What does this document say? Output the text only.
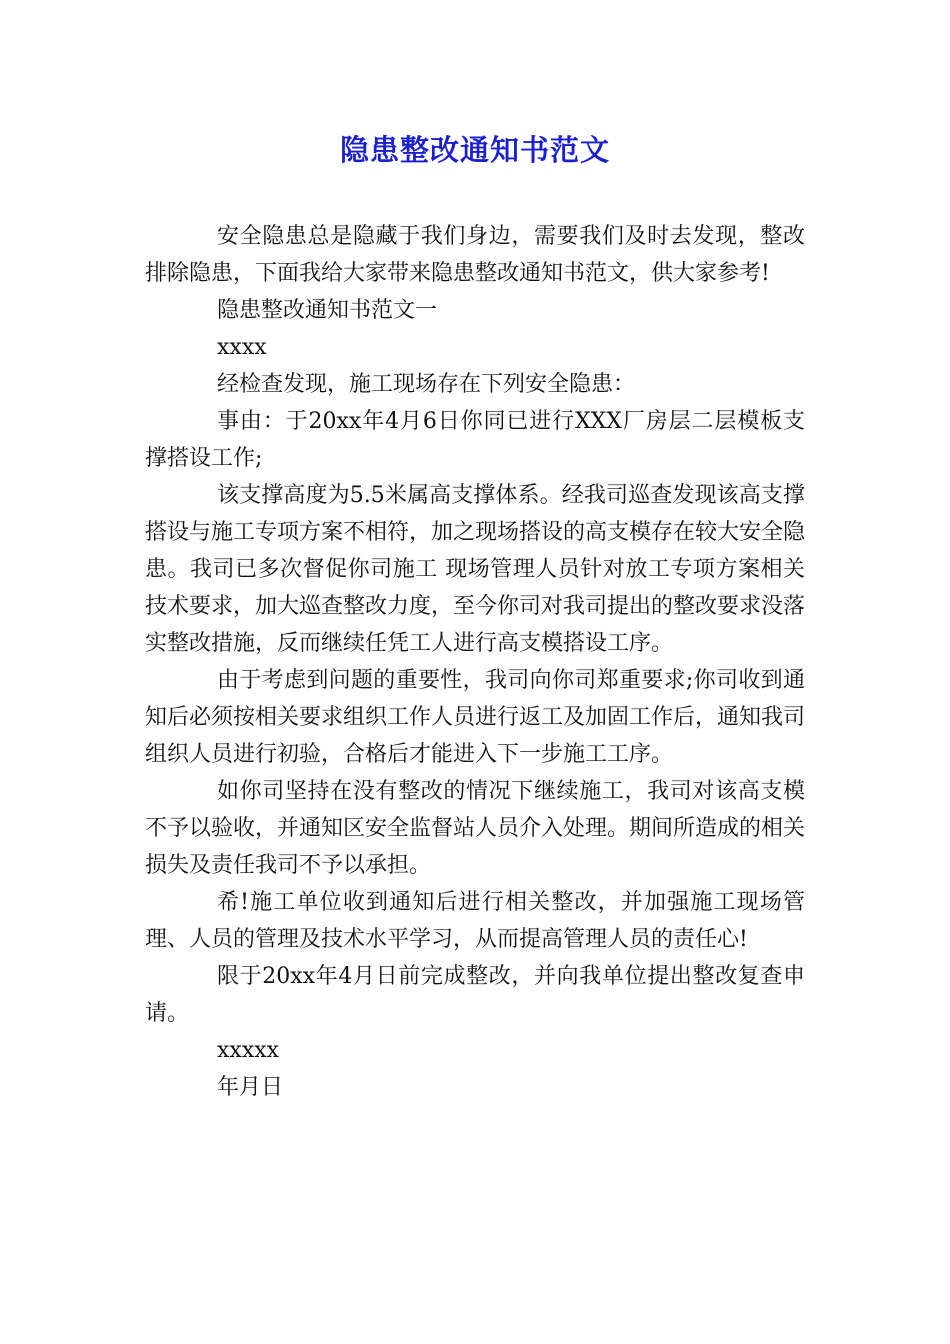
隐患整改通知书范文

安全隐患总是隐藏于我们身边，需要我们及时去发现，整改排除隐患，下面我给大家带来隐患整改通知书范文，供大家参考!

隐患整改通知书范文一

xxxx

经检查发现，施工现场存在下列安全隐患：

事由：于20xx年4月6日你同已进行XXX厂房层二层模板支撑搭设工作;

该支撑高度为5.5米属高支撑体系。经我司巡查发现该高支撑搭设与施工专项方案不相符，加之现场搭设的高支模存在较大安全隐患。我司已多次督促你司施工 现场管理人员针对放工专项方案相关技术要求，加大巡查整改力度，至今你司对我司提出的整改要求没落实整改措施，反而继续任凭工人进行高支模搭设工序。

由于考虑到问题的重要性，我司向你司郑重要求;你司收到通知后必须按相关要求组织工作人员进行返工及加固工作后，通知我司组织人员进行初验，合格后才能进入下一步施工工序。

如你司坚持在没有整改的情况下继续施工，我司对该高支模不予以验收，并通知区安全监督站人员介入处理。期间所造成的相关损失及责任我司不予以承担。

希!施工单位收到通知后进行相关整改，并加强施工现场管理、人员的管理及技术水平学习，从而提高管理人员的责任心!

限于20xx年4月日前完成整改，并向我单位提出整改复查申请。

xxxxx

年月日
